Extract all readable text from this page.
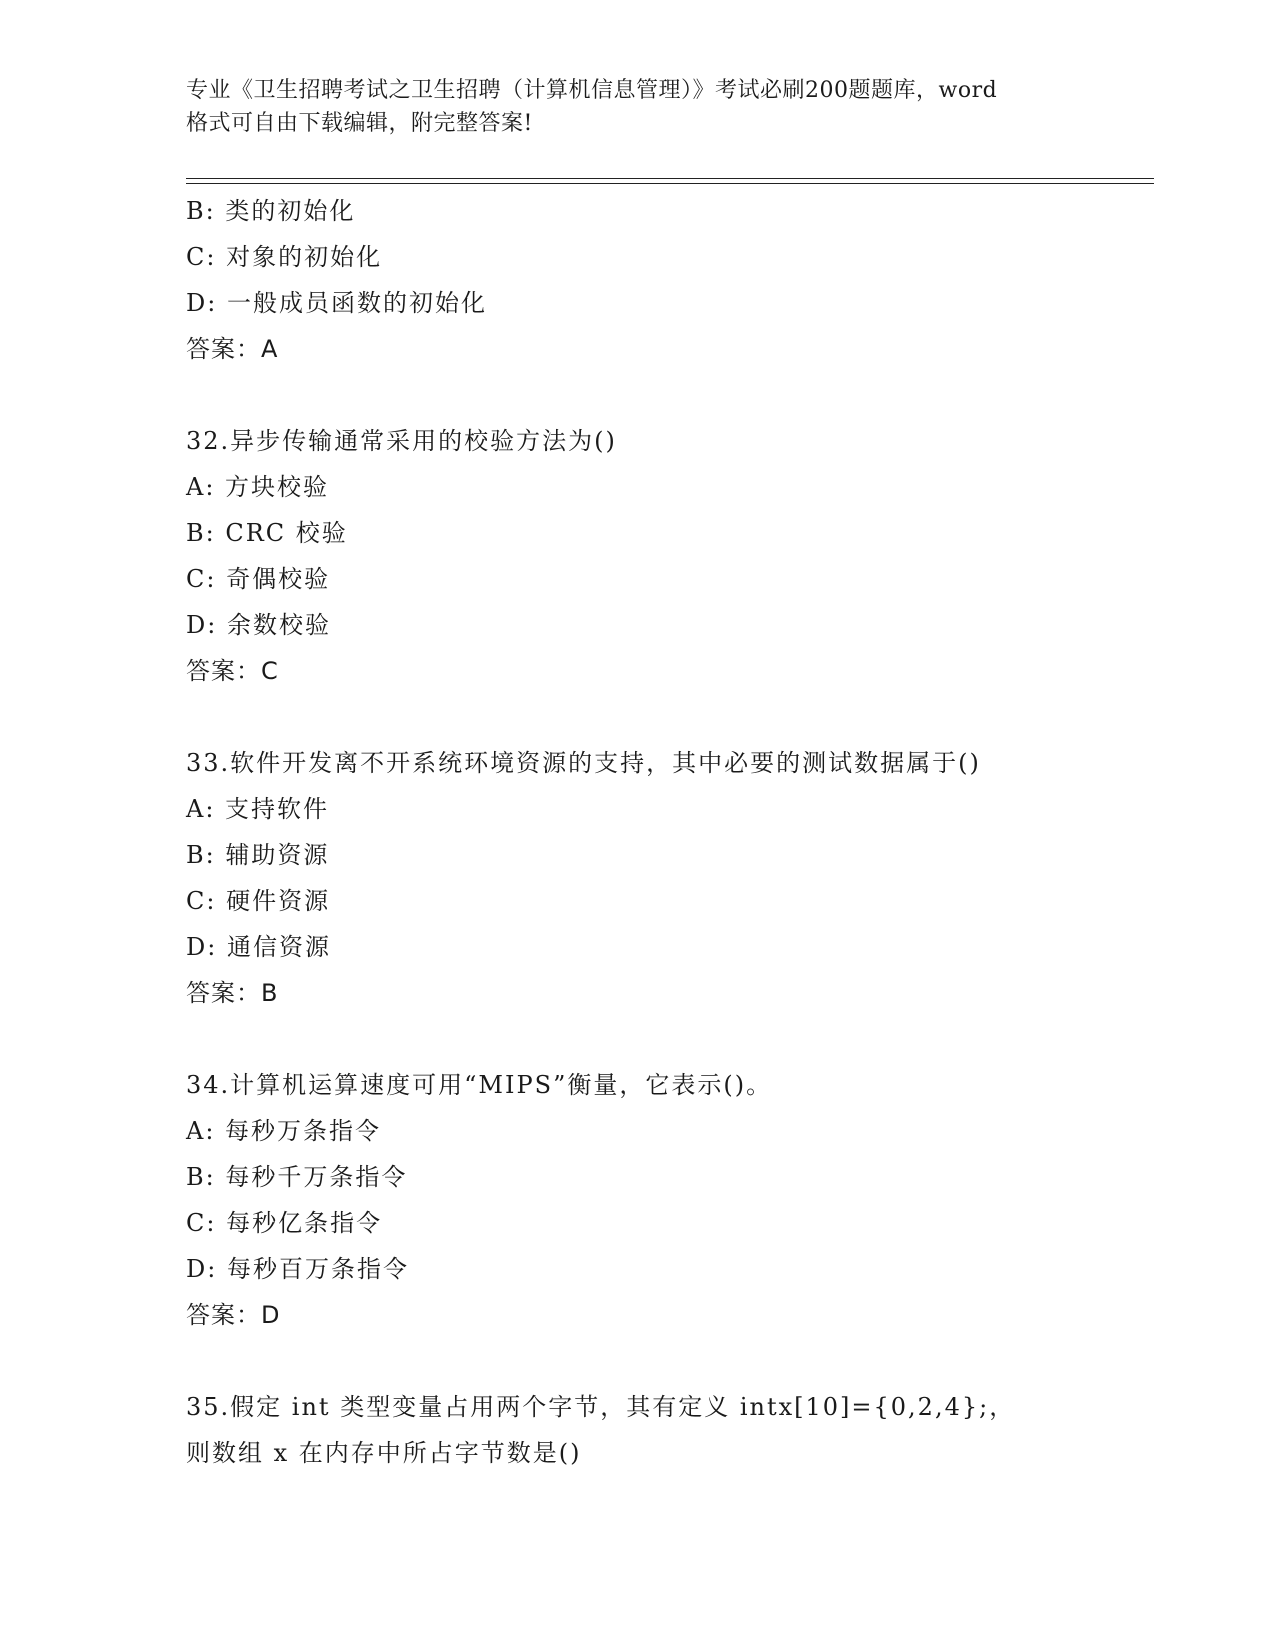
专业《卫生招聘考试之卫生招聘（计算机信息管理）》考试必刷200题题库，word
格式可自由下载编辑，附完整答案!
B: 类的初始化
C: 对象的初始化
D: 一般成员函数的初始化
答案：A
32.异步传输通常采用的校验方法为()
A: 方块校验
B: CRC 校验
C: 奇偶校验
D: 余数校验
答案：C
33.软件开发离不开系统环境资源的支持，其中必要的测试数据属于()
A: 支持软件
B: 辅助资源
C: 硬件资源
D: 通信资源
答案：B
34.计算机运算速度可用“MIPS”衡量，它表示()。
A: 每秒万条指令
B: 每秒千万条指令
C: 每秒亿条指令
D: 每秒百万条指令
答案：D
35.假定 int 类型变量占用两个字节，其有定义 intx[10]={0,2,4};，
则数组 x 在内存中所占字节数是()
